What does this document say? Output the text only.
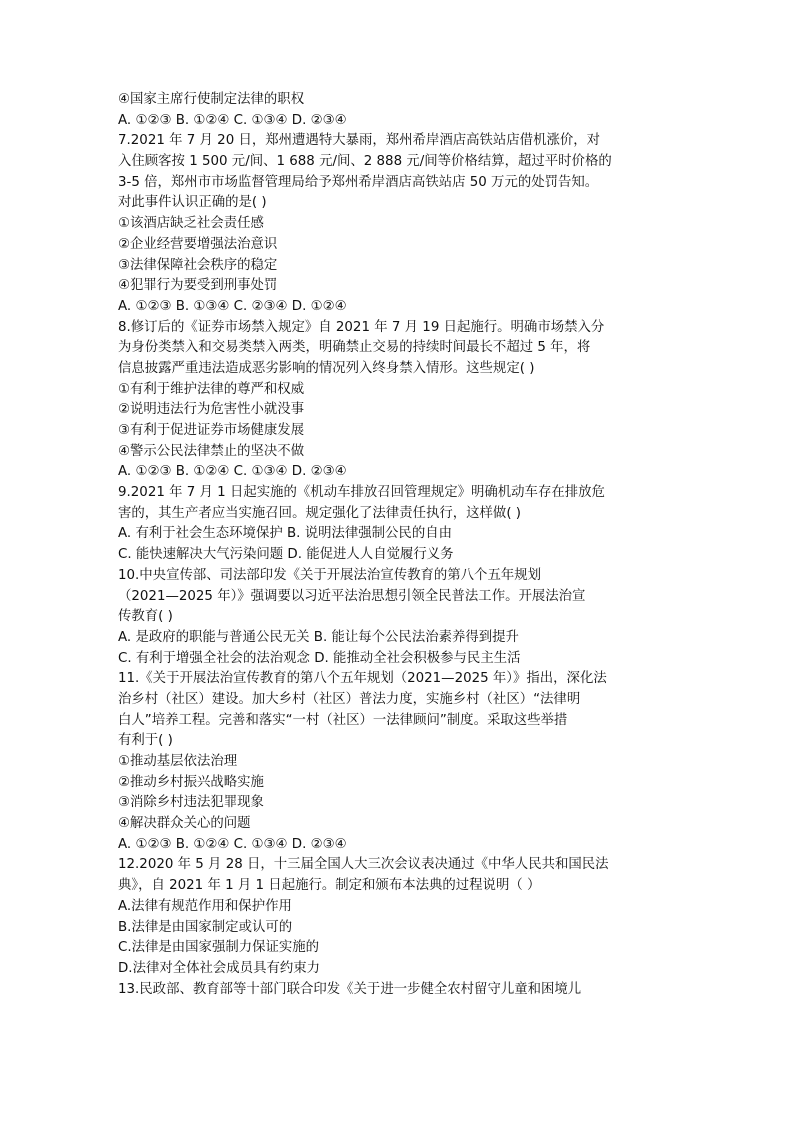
④国家主席行使制定法律的职权
A. ①②③ B. ①②④ C. ①③④ D. ②③④
7.2021 年 7 月 20 日，郑州遭遇特大暴雨，郑州希岸酒店高铁站店借机涨价，对
入住顾客按 1 500 元/间、1 688 元/间、2 888 元/间等价格结算，超过平时价格的
3-5 倍，郑州市市场监督管理局给予郑州希岸酒店高铁站店 50 万元的处罚告知。
对此事件认识正确的是( )
①该酒店缺乏社会责任感
②企业经营要增强法治意识
③法律保障社会秩序的稳定
④犯罪行为要受到刑事处罚
A. ①②③ B. ①③④ C. ②③④ D. ①②④
8.修订后的《证券市场禁入规定》自 2021 年 7 月 19 日起施行。明确市场禁入分
为身份类禁入和交易类禁入两类，明确禁止交易的持续时间最长不超过 5 年，将
信息披露严重违法造成恶劣影响的情况列入终身禁入情形。这些规定( )
①有利于维护法律的尊严和权威
②说明违法行为危害性小就没事
③有利于促进证券市场健康发展
④警示公民法律禁止的坚决不做
A. ①②③ B. ①②④ C. ①③④ D. ②③④
9.2021 年 7 月 1 日起实施的《机动车排放召回管理规定》明确机动车存在排放危
害的，其生产者应当实施召回。规定强化了法律责任执行，这样做( )
A. 有利于社会生态环境保护 B. 说明法律强制公民的自由
C. 能快速解决大气污染问题 D. 能促进人人自觉履行义务
10.中央宣传部、司法部印发《关于开展法治宣传教育的第八个五年规划
（2021—2025 年）》强调要以习近平法治思想引领全民普法工作。开展法治宣
传教育( )
A. 是政府的职能与普通公民无关 B. 能让每个公民法治素养得到提升
C. 有利于增强全社会的法治观念 D. 能推动全社会积极参与民主生活
11.《关于开展法治宣传教育的第八个五年规划（2021—2025 年）》指出，深化法
治乡村（社区）建设。加大乡村（社区）普法力度，实施乡村（社区）“法律明
白人”培养工程。完善和落实“一村（社区）一法律顾问”制度。采取这些举措
有利于( )
①推动基层依法治理
②推动乡村振兴战略实施
③消除乡村违法犯罪现象
④解决群众关心的问题
A. ①②③ B. ①②④ C. ①③④ D. ②③④
12.2020 年 5 月 28 日，十三届全国人大三次会议表决通过《中华人民共和国民法
典》，自 2021 年 1 月 1 日起施行。制定和颁布本法典的过程说明（ ）
A.法律有规范作用和保护作用
B.法律是由国家制定或认可的
C.法律是由国家强制力保证实施的
D.法律对全体社会成员具有约束力
13.民政部、教育部等十部门联合印发《关于进一步健全农村留守儿童和困境儿
